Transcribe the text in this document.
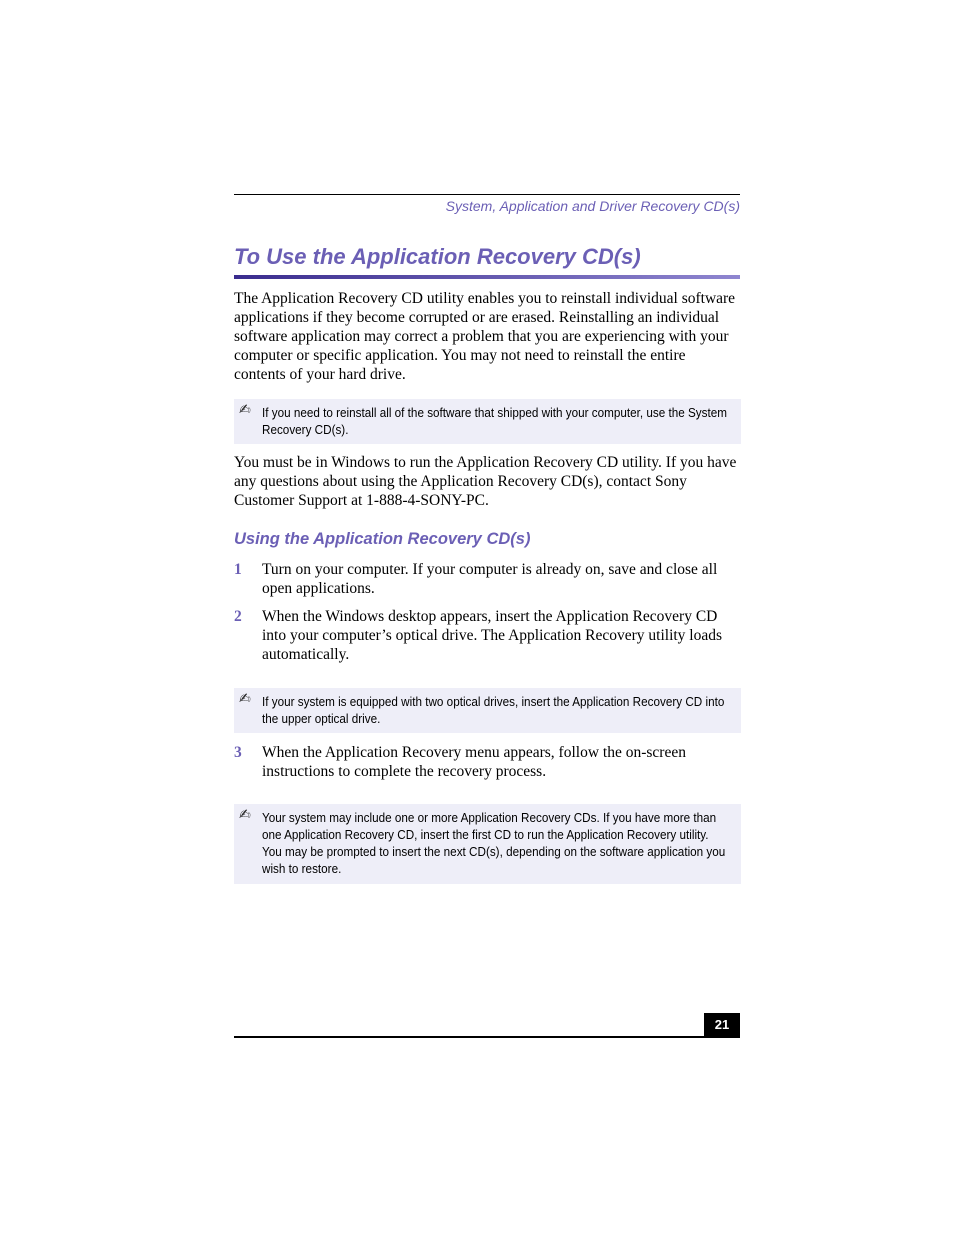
System, Application and Driver Recovery CD(s)
To Use the Application Recovery CD(s)

The Application Recovery CD utility enables you to reinstall individual software applications if they become corrupted or are erased. Reinstalling an individual software application may correct a problem that you are experiencing with your computer or specific application. You may not need to reinstall the entire contents of your hard drive.

✍ If you need to reinstall all of the software that shipped with your computer, use the System Recovery CD(s).

You must be in Windows to run the Application Recovery CD utility. If you have any questions about using the Application Recovery CD(s), contact Sony Customer Support at 1-888-4-SONY-PC.

Using the Application Recovery CD(s)
1 Turn on your computer. If your computer is already on, save and close all open applications.
2 When the Windows desktop appears, insert the Application Recovery CD into your computer’s optical drive. The Application Recovery utility loads automatically.
✍ If your system is equipped with two optical drives, insert the Application Recovery CD into the upper optical drive.
3 When the Application Recovery menu appears, follow the on-screen instructions to complete the recovery process.
✍ Your system may include one or more Application Recovery CDs. If you have more than one Application Recovery CD, insert the first CD to run the Application Recovery utility. You may be prompted to insert the next CD(s), depending on the software application you wish to restore.
21
